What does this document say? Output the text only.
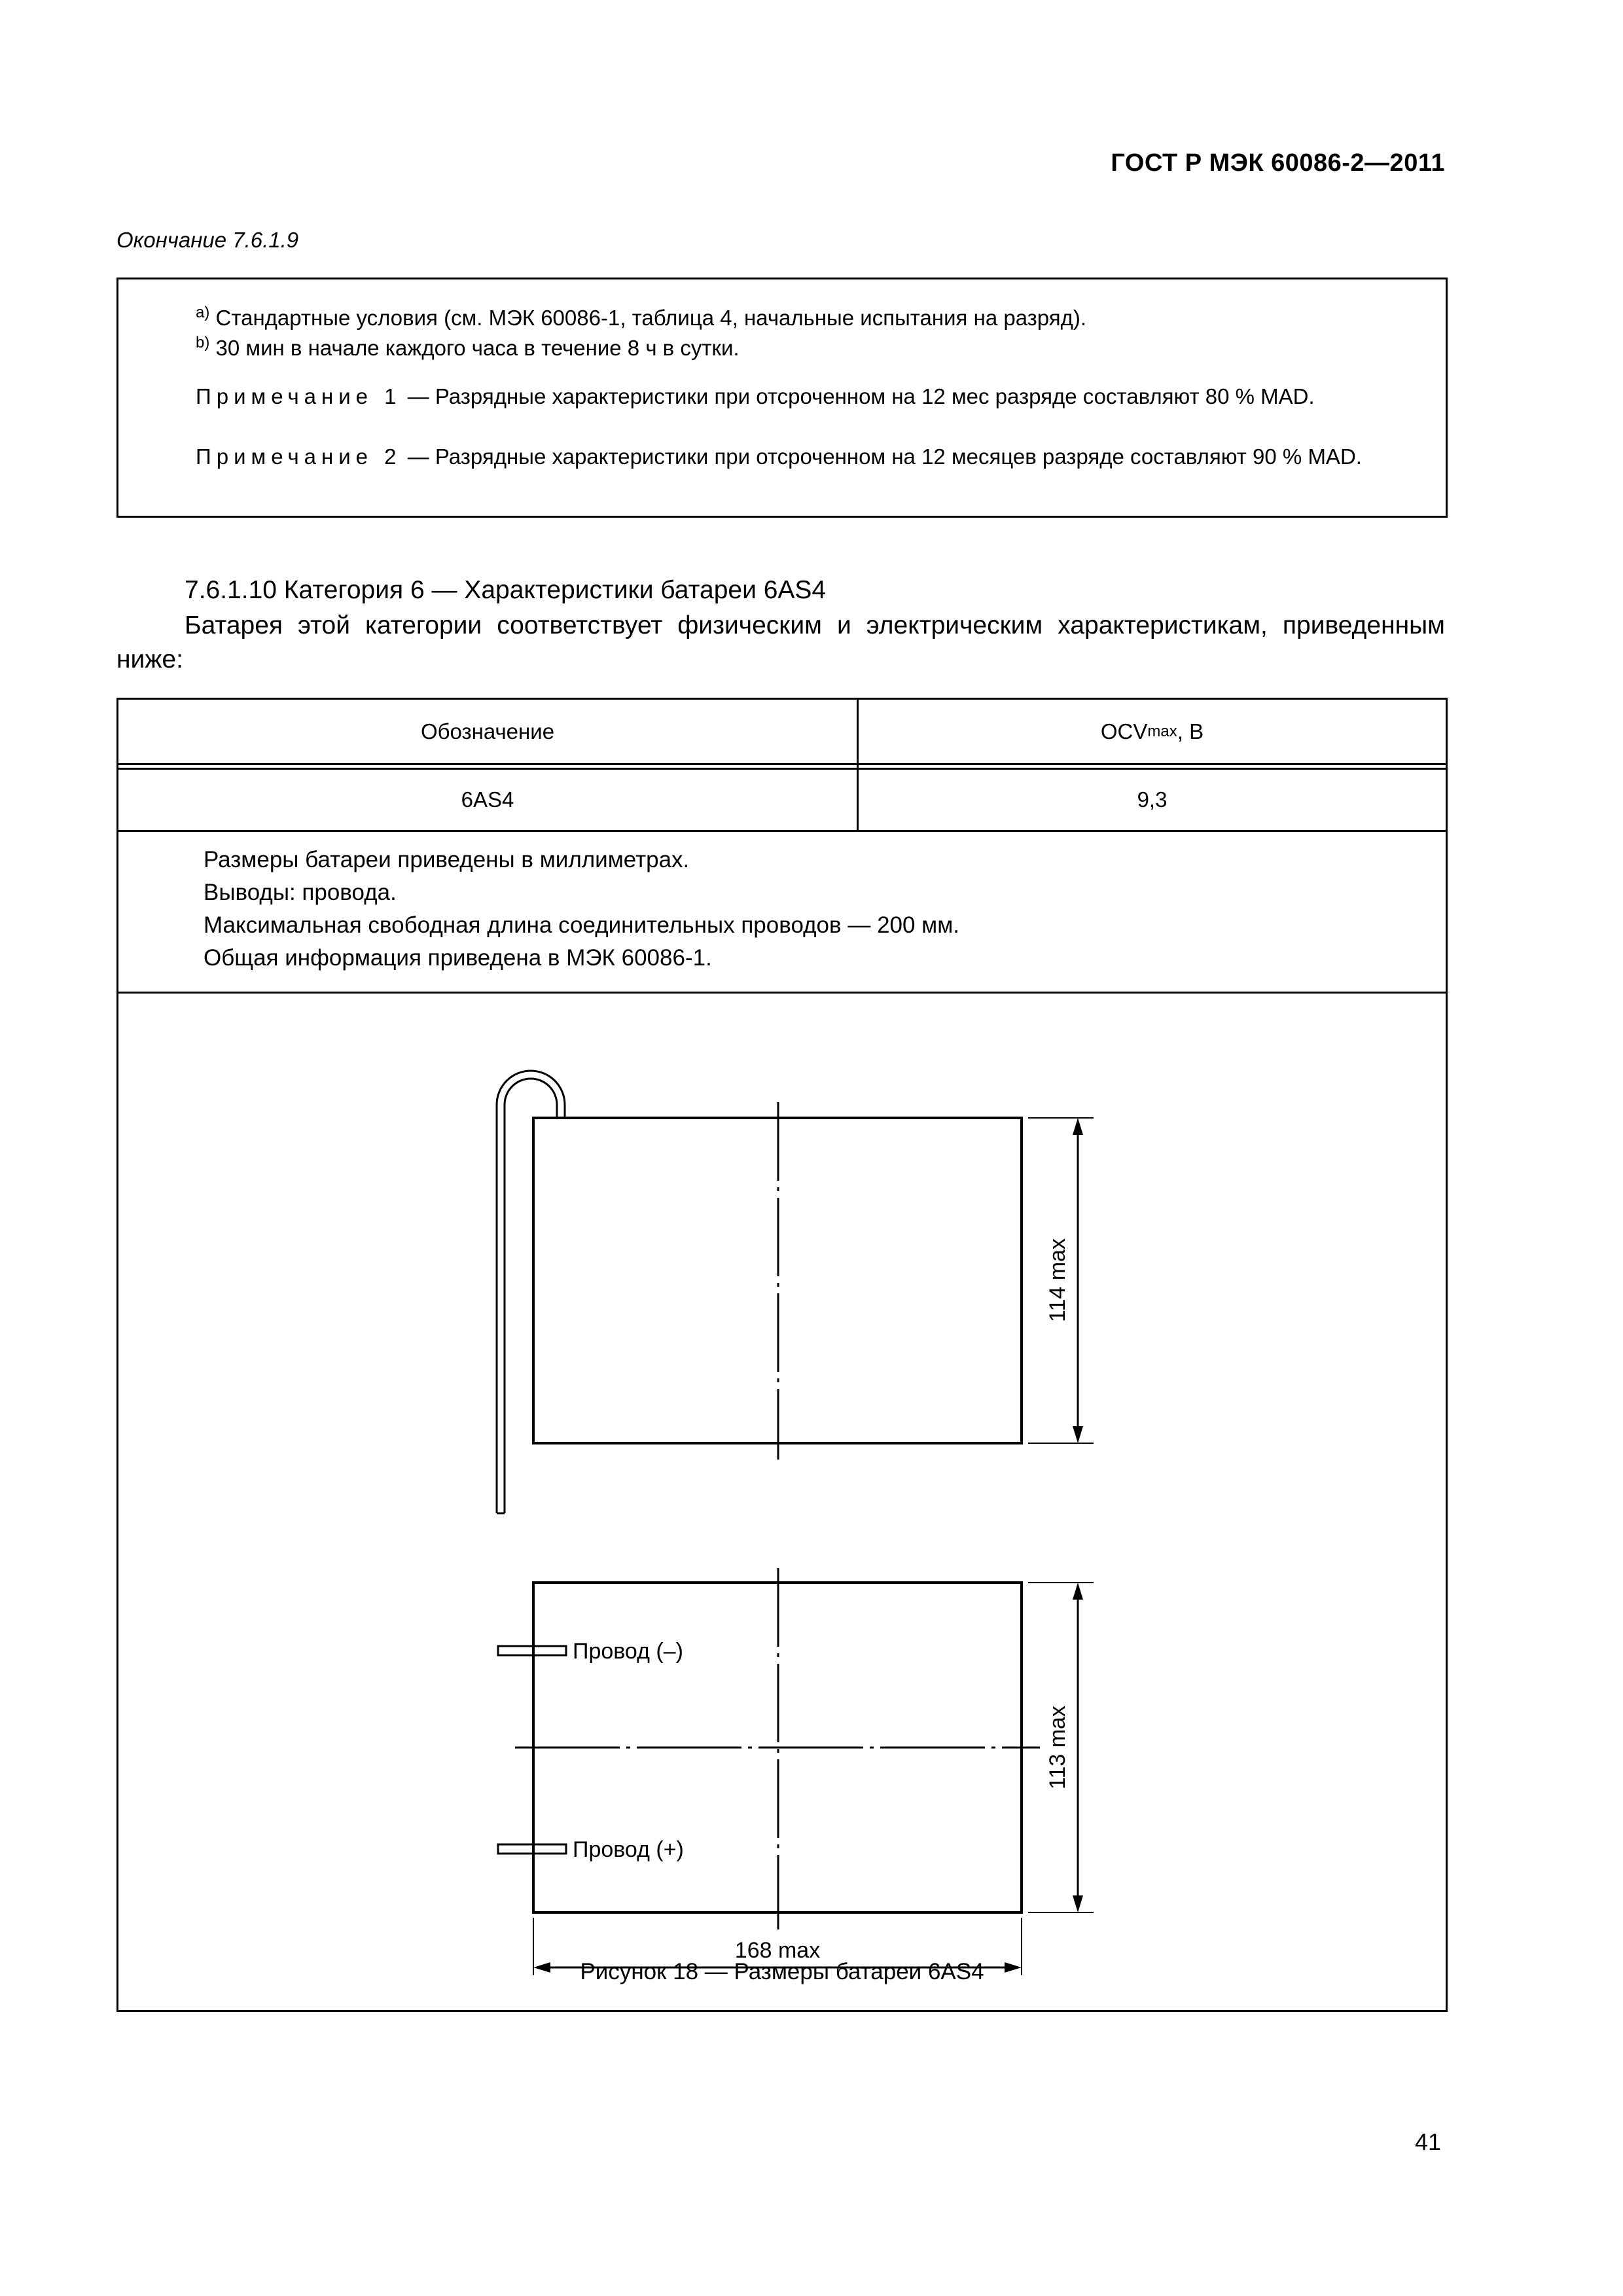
ГОСТ Р МЭК 60086-2—2011
Окончание 7.6.1.9
$^{a)}$ Стандартные условия (см. МЭК 60086-1, таблица 4, начальные испытания на разряд).
$^{b)}$ 30 мин в начале каждого часа в течение 8 ч в сутки.
Примечание 1 — Разрядные характеристики при отсроченном на 12 мес разряде составляют 80 % MAD.
Примечание 2 — Разрядные характеристики при отсроченном на 12 месяцев разряде составляют 90 % MAD.
7.6.1.10 Категория 6 — Характеристики батареи 6AS4
Батарея этой категории соответствует физическим и электрическим характеристикам, приведенным ниже:
Обозначение	OCV max , В
6AS4	9,3
Размеры батареи приведены в миллиметрах.
Выводы: провода.
Максимальная свободная длина соединительных проводов — 200 мм.
Общая информация приведена в МЭК 60086-1.
114 max
113 max
168 max
Провод (–)
Провод (+)
Рисунок 18 — Размеры батареи 6AS4
41
